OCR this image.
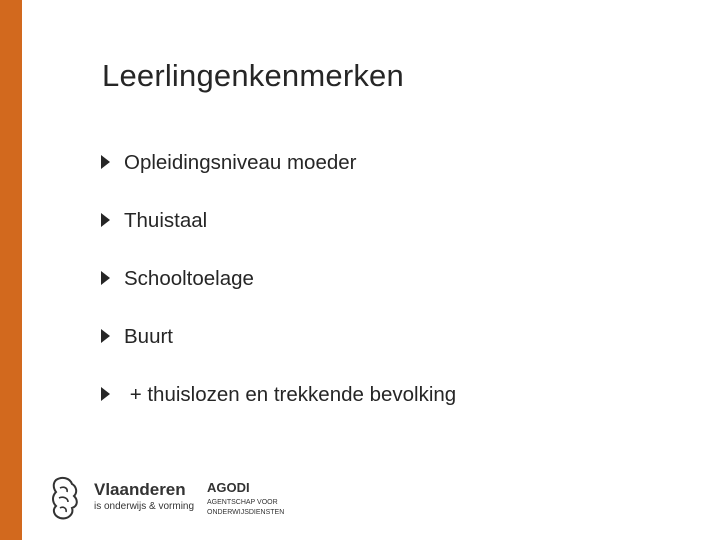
Leerlingenkenmerken
Opleidingsniveau moeder
Thuistaal
Schooltoelage
Buurt
+ thuislozen en trekkende bevolking
Vlaanderen
is onderwijs & vorming
AGODI
AGENTSCHAP VOOR
ONDERWIJSDIENSTEN
